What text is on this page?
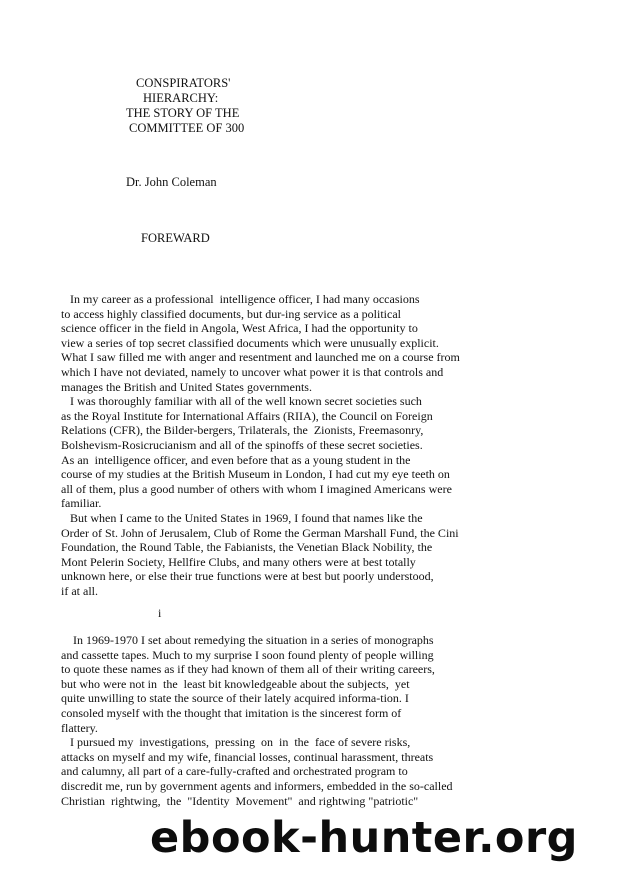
CONSPIRATORS'
HIERARCHY:
THE STORY OF THE
COMMITTEE OF 300
Dr. John Coleman
FOREWARD
In my career as a professional  intelligence officer, I had many occasions
to access highly classified documents, but dur-ing service as a political
science officer in the field in Angola, West Africa, I had the opportunity to
view a series of top secret classified documents which were unusually explicit.
What I saw filled me with anger and resentment and launched me on a course from
which I have not deviated, namely to uncover what power it is that controls and
manages the British and United States governments.
I was thoroughly familiar with all of the well known secret societies such
as the Royal Institute for International Affairs (RIIA), the Council on Foreign
Relations (CFR), the Bilder-bergers, Trilaterals, the  Zionists, Freemasonry,
Bolshevism-Rosicrucianism and all of the spinoffs of these secret societies.
As an  intelligence officer, and even before that as a young student in the
course of my studies at the British Museum in London, I had cut my eye teeth on
all of them, plus a good number of others with whom I imagined Americans were
familiar.
But when I came to the United States in 1969, I found that names like the
Order of St. John of Jerusalem, Club of Rome the German Marshall Fund, the Cini
Foundation, the Round Table, the Fabianists, the Venetian Black Nobility, the
Mont Pelerin Society, Hellfire Clubs, and many others were at best totally
unknown here, or else their true functions were at best but poorly understood,
if at all.
i
In 1969-1970 I set about remedying the situation in a series of monographs
and cassette tapes. Much to my surprise I soon found plenty of people willing
to quote these names as if they had known of them all of their writing careers,
but who were not in  the  least bit knowledgeable about the subjects,  yet
quite unwilling to state the source of their lately acquired informa-tion. I
consoled myself with the thought that imitation is the sincerest form of
flattery.
I pursued my  investigations,  pressing  on  in  the  face of severe risks,
attacks on myself and my wife, financial losses, continual harassment, threats
and calumny, all part of a care-fully-crafted and orchestrated program to
discredit me, run by government agents and informers, embedded in the so-called
Christian  rightwing,  the  "Identity  Movement"  and rightwing "patriotic"
ebook-hunter.org
